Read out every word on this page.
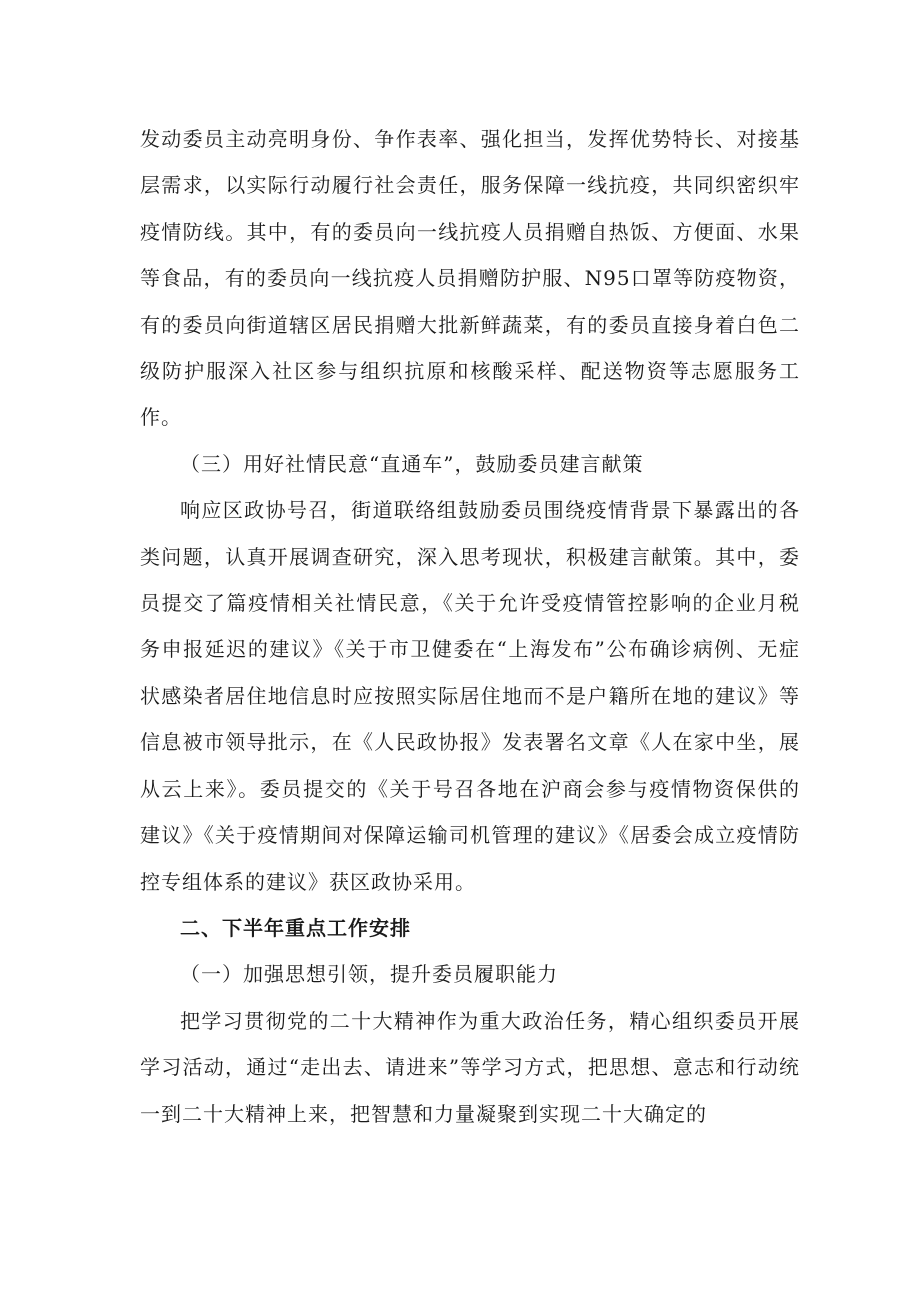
发动委员主动亮明身份、争作表率、强化担当，发挥优势特长、对接基层需求，以实际行动履行社会责任，服务保障一线抗疫，共同织密织牢疫情防线。其中，有的委员向一线抗疫人员捐赠自热饭、方便面、水果等食品，有的委员向一线抗疫人员捐赠防护服、N95口罩等防疫物资，有的委员向街道辖区居民捐赠大批新鲜蔬菜，有的委员直接身着白色二级防护服深入社区参与组织抗原和核酸采样、配送物资等志愿服务工作。

（三）用好社情民意“直通车”，鼓励委员建言献策

响应区政协号召，街道联络组鼓励委员围绕疫情背景下暴露出的各类问题，认真开展调查研究，深入思考现状，积极建言献策。其中，委员提交了篇疫情相关社情民意，《关于允许受疫情管控影响的企业月税务申报延迟的建议》《关于市卫健委在“上海发布”公布确诊病例、无症状感染者居住地信息时应按照实际居住地而不是户籍所在地的建议》等信息被市领导批示，在《人民政协报》发表署名文章《人在家中坐，展从云上来》。委员提交的《关于号召各地在沪商会参与疫情物资保供的建议》《关于疫情期间对保障运输司机管理的建议》《居委会成立疫情防控专组体系的建议》获区政协采用。

二、下半年重点工作安排

（一）加强思想引领，提升委员履职能力

把学习贯彻党的二十大精神作为重大政治任务，精心组织委员开展学习活动，通过“走出去、请进来”等学习方式，把思想、意志和行动统一到二十大精神上来，把智慧和力量凝聚到实现二十大确定的
